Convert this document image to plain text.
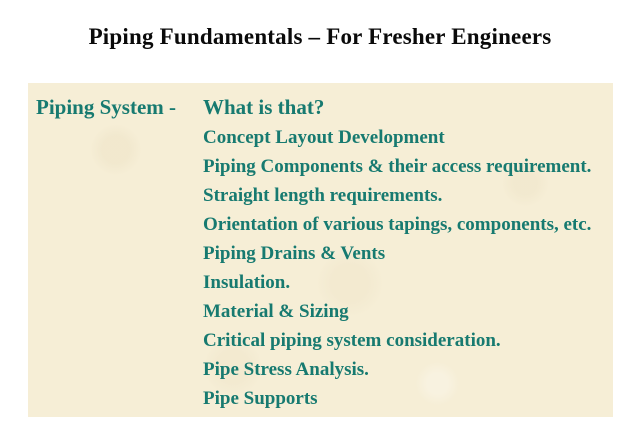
Piping Fundamentals – For Fresher Engineers
Piping System -	What is that?
Concept Layout Development
Piping Components & their access requirement.
Straight length requirements.
Orientation of various tapings, components, etc.
Piping Drains & Vents
Insulation.
Material & Sizing
Critical piping system consideration.
Pipe Stress Analysis.
Pipe Supports
